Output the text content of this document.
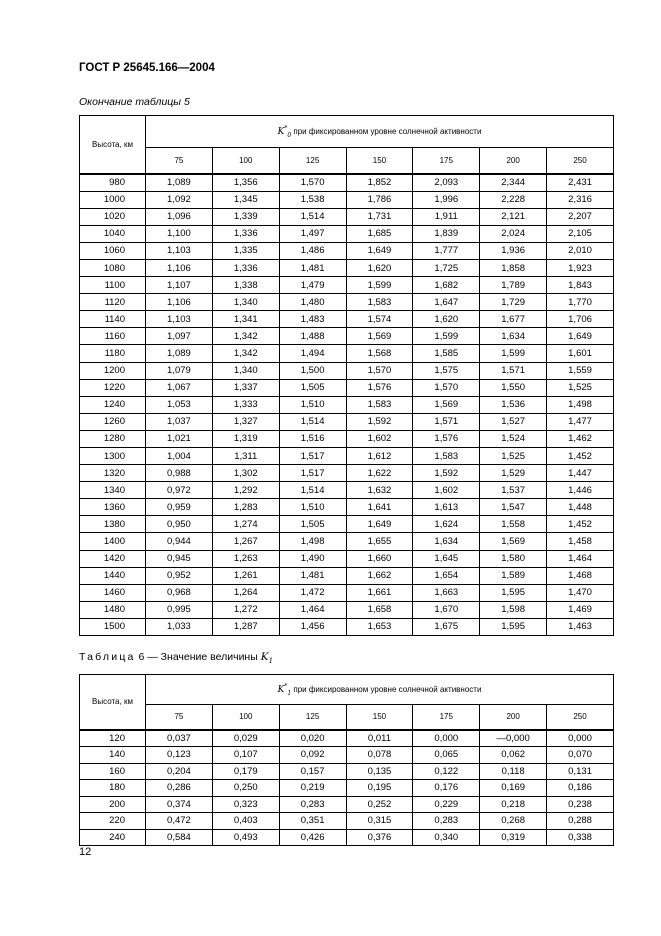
ГОСТ Р 25645.166—2004
Окончание таблицы 5
Высота, км	$K^*_0$ при фиксированном уровне солнечной активности						
	75	100	125	150	175	200	250
980	1,089	1,356	1,570	1,852	2,093	2,344	2,431
1000	1,092	1,345	1,538	1,786	1,996	2,228	2,316
1020	1,096	1,339	1,514	1,731	1,911	2,121	2,207
1040	1,100	1,336	1,497	1,685	1,839	2,024	2,105
1060	1,103	1,335	1,486	1,649	1,777	1,936	2,010
1080	1,106	1,336	1,481	1,620	1,725	1,858	1,923
1100	1,107	1,338	1,479	1,599	1,682	1,789	1,843
1120	1,106	1,340	1,480	1,583	1,647	1,729	1,770
1140	1,103	1,341	1,483	1,574	1,620	1,677	1,706
1160	1,097	1,342	1,488	1,569	1,599	1,634	1,649
1180	1,089	1,342	1,494	1,568	1,585	1,599	1,601
1200	1,079	1,340	1,500	1,570	1,575	1,571	1,559
1220	1,067	1,337	1,505	1,576	1,570	1,550	1,525
1240	1,053	1,333	1,510	1,583	1,569	1,536	1,498
1260	1,037	1,327	1,514	1,592	1,571	1,527	1,477
1280	1,021	1,319	1,516	1,602	1,576	1,524	1,462
1300	1,004	1,311	1,517	1,612	1,583	1,525	1,452
1320	0,988	1,302	1,517	1,622	1,592	1,529	1,447
1340	0,972	1,292	1,514	1,632	1,602	1,537	1,446
1360	0,959	1,283	1,510	1,641	1,613	1,547	1,448
1380	0,950	1,274	1,505	1,649	1,624	1,558	1,452
1400	0,944	1,267	1,498	1,655	1,634	1,569	1,458
1420	0,945	1,263	1,490	1,660	1,645	1,580	1,464
1440	0,952	1,261	1,481	1,662	1,654	1,589	1,468
1460	0,968	1,264	1,472	1,661	1,663	1,595	1,470
1480	0,995	1,272	1,464	1,658	1,670	1,598	1,469
1500	1,033	1,287	1,456	1,653	1,675	1,595	1,463
Таблица 6 — Значение величины $K_1$
Высота, км	$K^*_1$ при фиксированном уровне солнечной активности						
	75	100	125	150	175	200	250
120	0,037	0,029	0,020	0,011	0,000	—0,000	0,000
140	0,123	0,107	0,092	0,078	0,065	0,062	0,070
160	0,204	0,179	0,157	0,135	0,122	0,118	0,131
180	0,286	0,250	0,219	0,195	0,176	0,169	0,186
200	0,374	0,323	0,283	0,252	0,229	0,218	0,238
220	0,472	0,403	0,351	0,315	0,283	0,268	0,288
240	0,584	0,493	0,426	0,376	0,340	0,319	0,338
12
